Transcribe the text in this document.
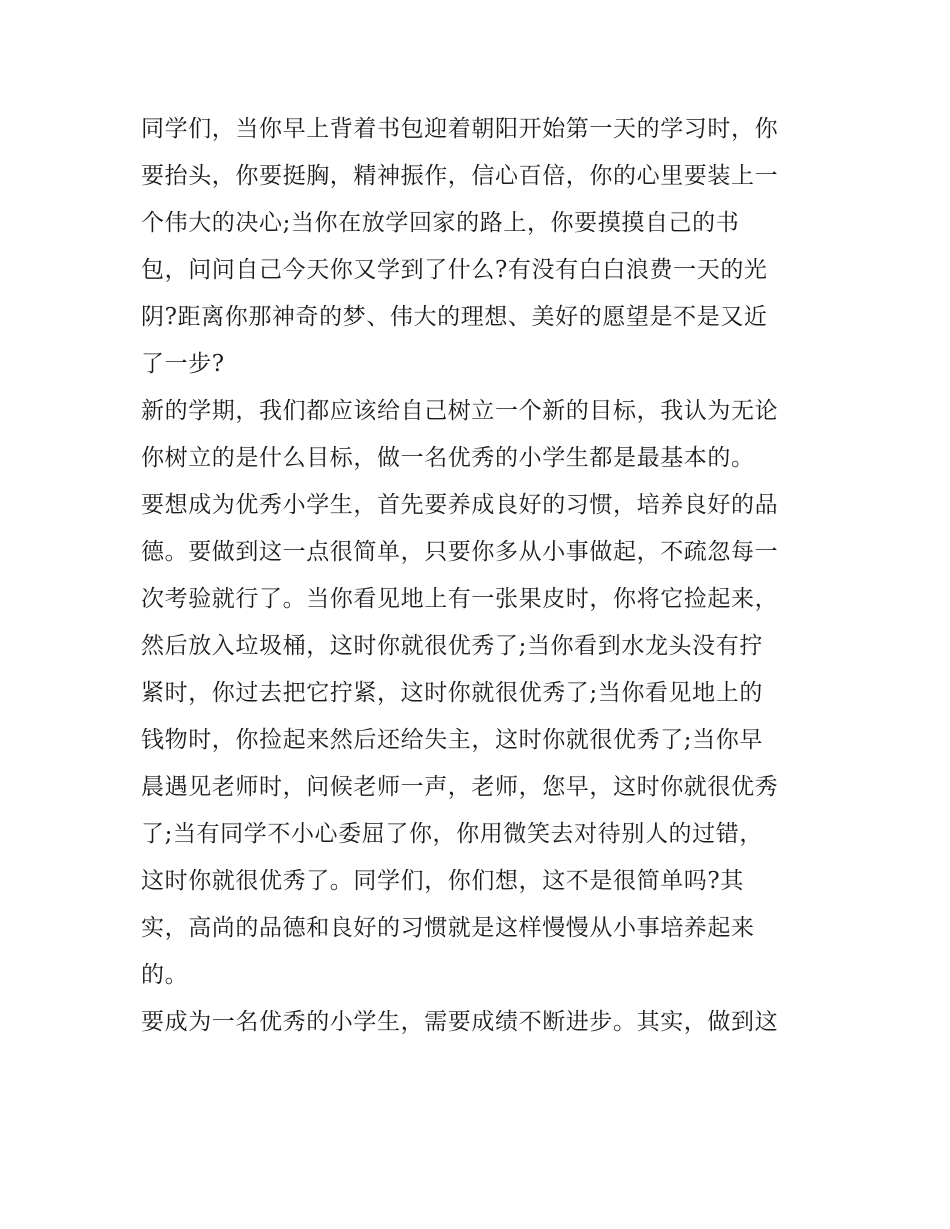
同学们，当你早上背着书包迎着朝阳开始第一天的学习时，你
要抬头，你要挺胸，精神振作，信心百倍，你的心里要装上一
个伟大的决心;当你在放学回家的路上，你要摸摸自己的书
包，问问自己今天你又学到了什么?有没有白白浪费一天的光
阴?距离你那神奇的梦、伟大的理想、美好的愿望是不是又近
了一步?
新的学期，我们都应该给自己树立一个新的目标，我认为无论
你树立的是什么目标，做一名优秀的小学生都是最基本的。
要想成为优秀小学生，首先要养成良好的习惯，培养良好的品
德。要做到这一点很简单，只要你多从小事做起，不疏忽每一
次考验就行了。当你看见地上有一张果皮时，你将它捡起来，
然后放入垃圾桶，这时你就很优秀了;当你看到水龙头没有拧
紧时，你过去把它拧紧，这时你就很优秀了;当你看见地上的
钱物时，你捡起来然后还给失主，这时你就很优秀了;当你早
晨遇见老师时，问候老师一声，老师，您早，这时你就很优秀
了;当有同学不小心委屈了你，你用微笑去对待别人的过错，
这时你就很优秀了。同学们，你们想，这不是很简单吗?其
实，高尚的品德和良好的习惯就是这样慢慢从小事培养起来
的。
要成为一名优秀的小学生，需要成绩不断进步。其实，做到这
